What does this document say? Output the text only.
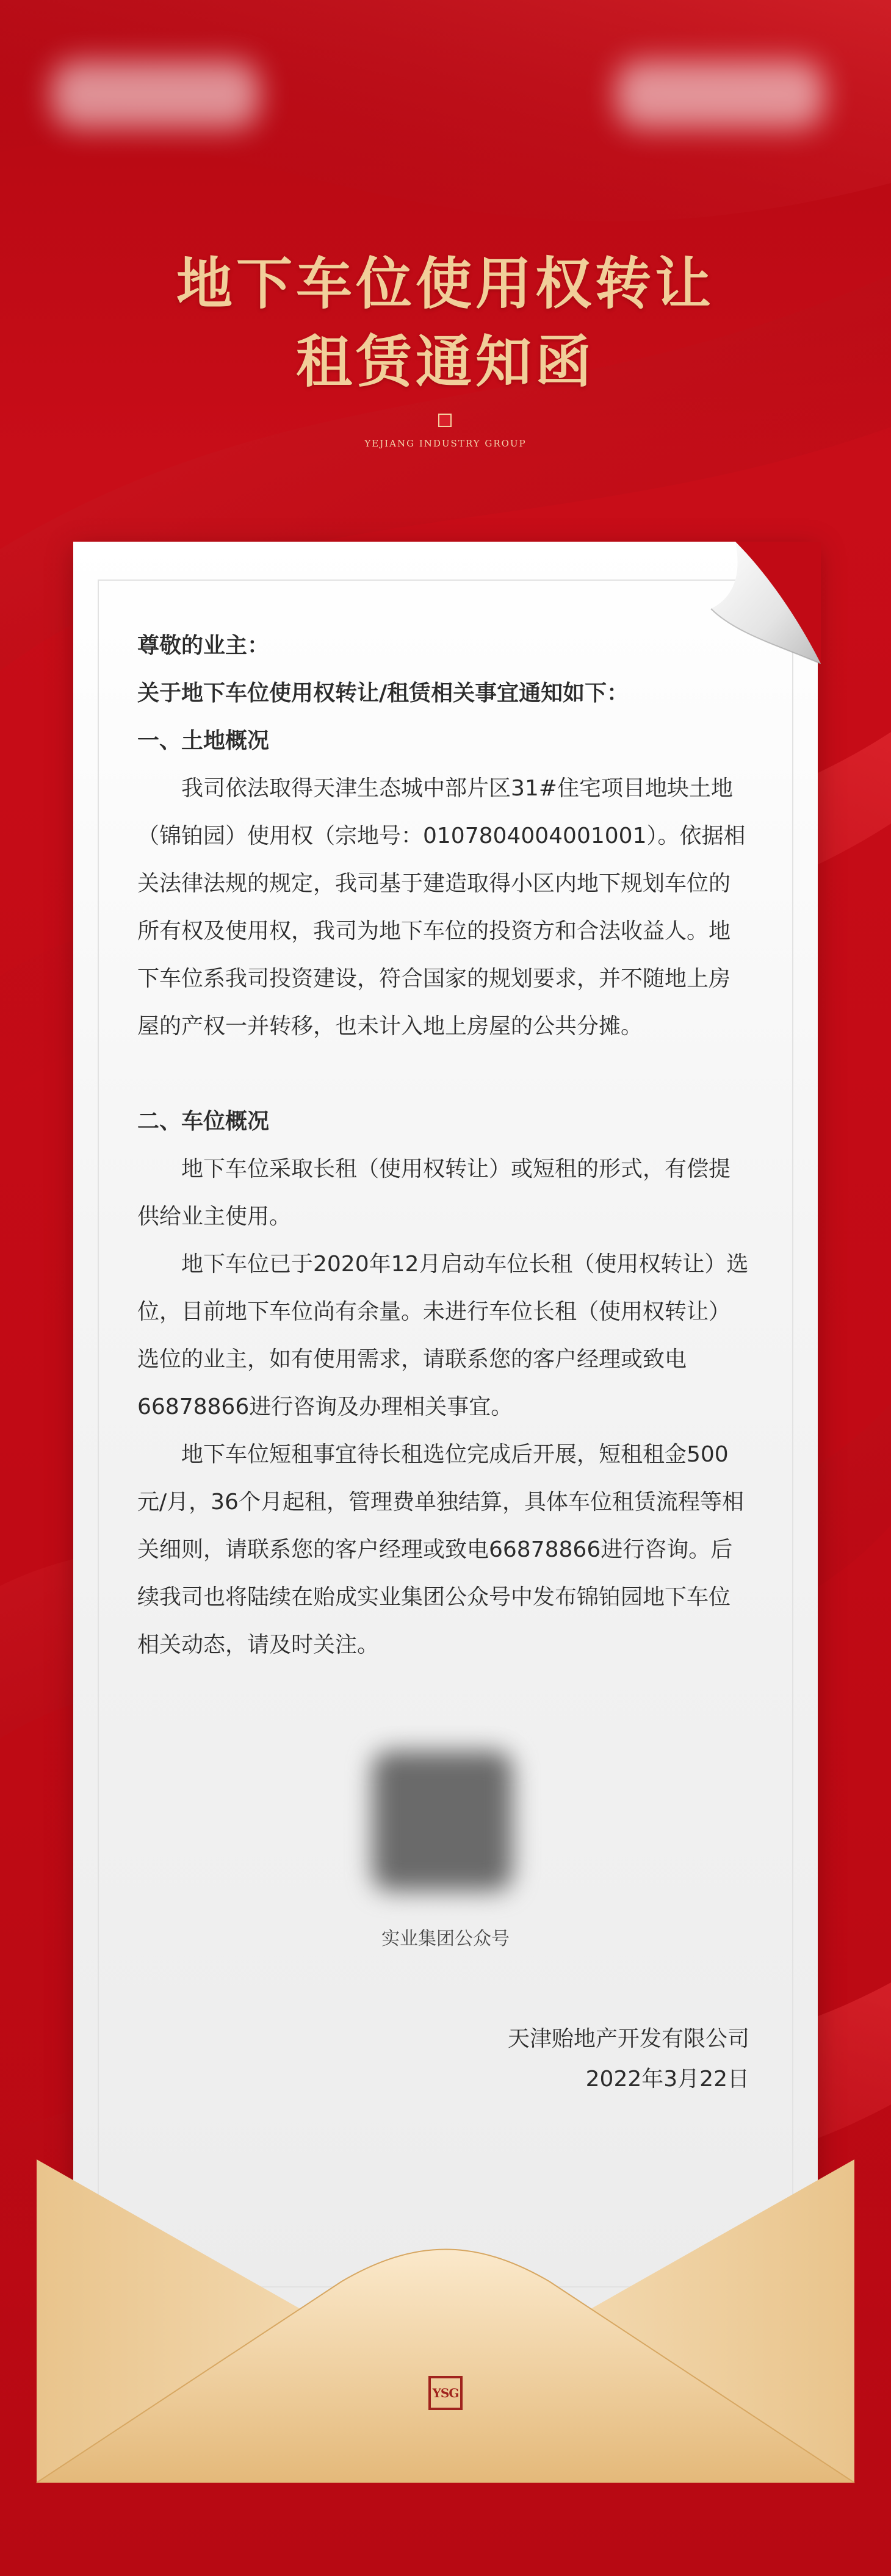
地下车位使用权转让
租赁通知函
YEJIANG INDUSTRY GROUP

尊敬的业主：

关于地下车位使用权转让/租赁相关事宜通知如下：

一、土地概况

我司依法取得天津生态城中部片区31#住宅项目地块土地（锦铂园）使用权（宗地号：0107804004001001）。依据相关法律法规的规定，我司基于建造取得小区内地下规划车位的所有权及使用权，我司为地下车位的投资方和合法收益人。地下车位系我司投资建设，符合国家的规划要求，并不随地上房屋的产权一并转移，也未计入地上房屋的公共分摊。

二、车位概况

地下车位采取长租（使用权转让）或短租的形式，有偿提供给业主使用。

地下车位已于2020年12月启动车位长租（使用权转让）选位，目前地下车位尚有余量。未进行车位长租（使用权转让）选位的业主，如有使用需求，请联系您的客户经理或致电66878866进行咨询及办理相关事宜。

地下车位短租事宜待长租选位完成后开展，短租租金500元/月，36个月起租，管理费单独结算，具体车位租赁流程等相关细则，请联系您的客户经理或致电66878866进行咨询。后续我司也将陆续在贻成实业集团公众号中发布锦铂园地下车位相关动态，请及时关注。

实业集团公众号
天津贻地产开发有限公司
2022年3月22日
YSG
